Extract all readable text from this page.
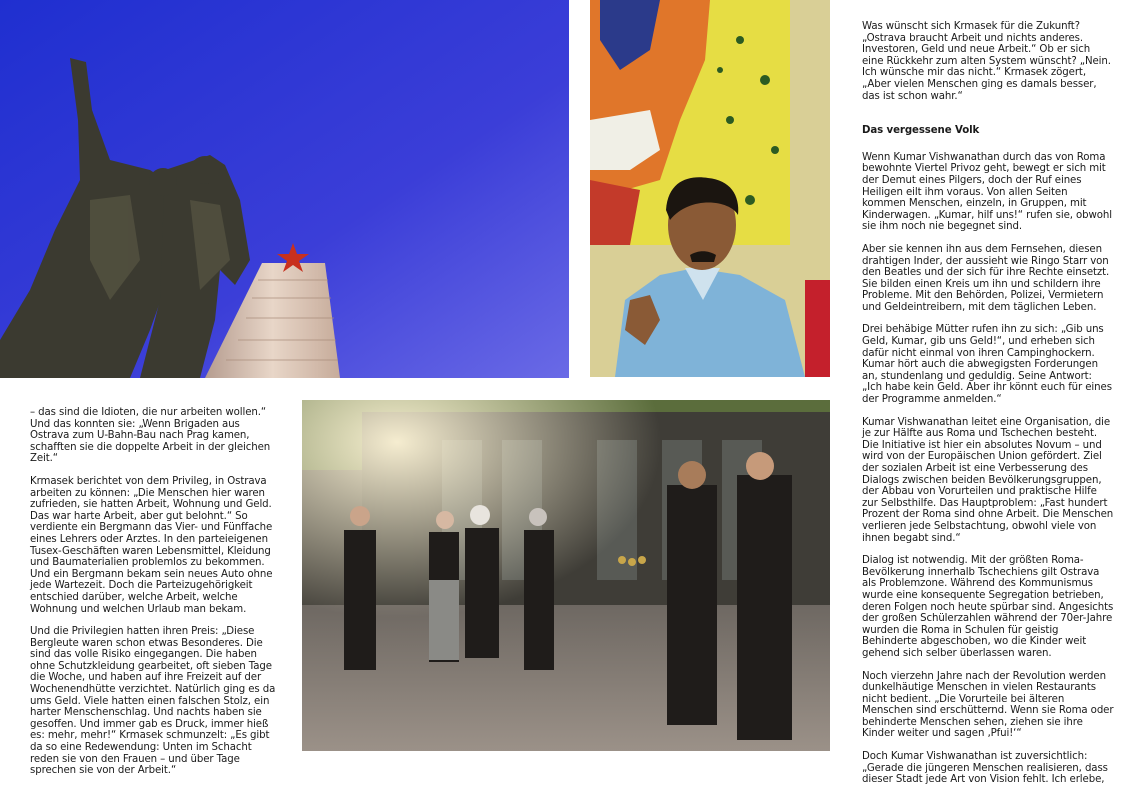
– das sind die Idioten, die nur arbeiten wollen.“ Und das konnten sie: „Wenn Brigaden aus Ostrava zum U-Bahn-Bau nach Prag kamen, schafften sie die doppelte Arbeit in der gleichen Zeit.“

Krmasek berichtet von dem Privileg, in Ostrava arbeiten zu können: „Die Menschen hier waren zufrieden, sie hatten Arbeit, Wohnung und Geld. Das war harte Arbeit, aber gut belohnt.“ So verdiente ein Bergmann das Vier- und Fünffache eines Lehrers oder Arztes. In den parteieigenen Tusex-Geschäften waren Lebensmittel, Kleidung und Baumaterialien problemlos zu bekommen. Und ein Bergmann bekam sein neues Auto ohne jede Wartezeit. Doch die Parteizugehörigkeit entschied darüber, welche Arbeit, welche Wohnung und welchen Urlaub man bekam.

Und die Privilegien hatten ihren Preis: „Diese Bergleute waren schon etwas Besonderes. Die sind das volle Risiko eingegangen. Die haben ohne Schutzkleidung gearbeitet, oft sieben Tage die Woche, und haben auf ihre Freizeit auf der Wochenendhütte verzichtet. Natürlich ging es da ums Geld. Viele hatten einen falschen Stolz, ein harter Menschenschlag. Und nachts haben sie gesoffen. Und immer gab es Druck, immer hieß es: mehr, mehr!“ Krmasek schmunzelt: „Es gibt da so eine Redewendung: Unten im Schacht reden sie von den Frauen – und über Tage sprechen sie von der Arbeit.“

Was wünscht sich Krmasek für die Zukunft? „Ostrava braucht Arbeit und nichts anderes. Investoren, Geld und neue Arbeit.“ Ob er sich eine Rückkehr zum alten System wünscht? „Nein. Ich wünsche mir das nicht.“ Krmasek zögert, „Aber vielen Menschen ging es damals besser, das ist schon wahr.“

Das vergessene Volk

Wenn Kumar Vishwanathan durch das von Roma bewohnte Viertel Privoz geht, bewegt er sich mit der Demut eines Pilgers, doch der Ruf eines Heiligen eilt ihm voraus. Von allen Seiten kommen Menschen, einzeln, in Gruppen, mit Kinderwagen. „Kumar, hilf uns!“ rufen sie, obwohl sie ihm noch nie begegnet sind.

Aber sie kennen ihn aus dem Fernsehen, diesen drahtigen Inder, der aussieht wie Ringo Starr von den Beatles und der sich für ihre Rechte einsetzt. Sie bilden einen Kreis um ihn und schildern ihre Probleme. Mit den Behörden, Polizei, Vermietern und Geldeintreibern, mit dem täglichen Leben.

Drei behäbige Mütter rufen ihn zu sich: „Gib uns Geld, Kumar, gib uns Geld!“, und erheben sich dafür nicht einmal von ihren Campinghockern. Kumar hört auch die abwegigsten Forderungen an, stundenlang und geduldig. Seine Antwort: „Ich habe kein Geld. Aber ihr könnt euch für eines der Programme anmelden.“

Kumar Vishwanathan leitet eine Organisation, die je zur Hälfte aus Roma und Tschechen besteht. Die Initiative ist hier ein absolutes Novum – und wird von der Europäischen Union gefördert. Ziel der sozialen Arbeit ist eine Verbesserung des Dialogs zwischen beiden Bevölkerungsgruppen, der Abbau von Vorurteilen und praktische Hilfe zur Selbsthilfe. Das Hauptproblem: „Fast hundert Prozent der Roma sind ohne Arbeit. Die Menschen verlieren jede Selbstachtung, obwohl viele von ihnen begabt sind.“

Dialog ist notwendig. Mit der größten Roma-Bevölkerung innerhalb Tschechiens gilt Ostrava als Problemzone. Während des Kommunismus wurde eine konsequente Segregation betrieben, deren Folgen noch heute spürbar sind. Angesichts der großen Schülerzahlen während der 70er-Jahre wurden die Roma in Schulen für geistig Behinderte abgeschoben, wo die Kinder weit gehend sich selber überlassen waren.

Noch vierzehn Jahre nach der Revolution werden dunkelhäutige Menschen in vielen Restaurants nicht bedient. „Die Vorurteile bei älteren Menschen sind erschütternd. Wenn sie Roma oder behinderte Menschen sehen, ziehen sie ihre Kinder weiter und sagen ‚Pfui!‘“

Doch Kumar Vishwanathan ist zuversichtlich: „Gerade die jüngeren Menschen realisieren, dass dieser Stadt jede Art von Vision fehlt. Ich erlebe,
